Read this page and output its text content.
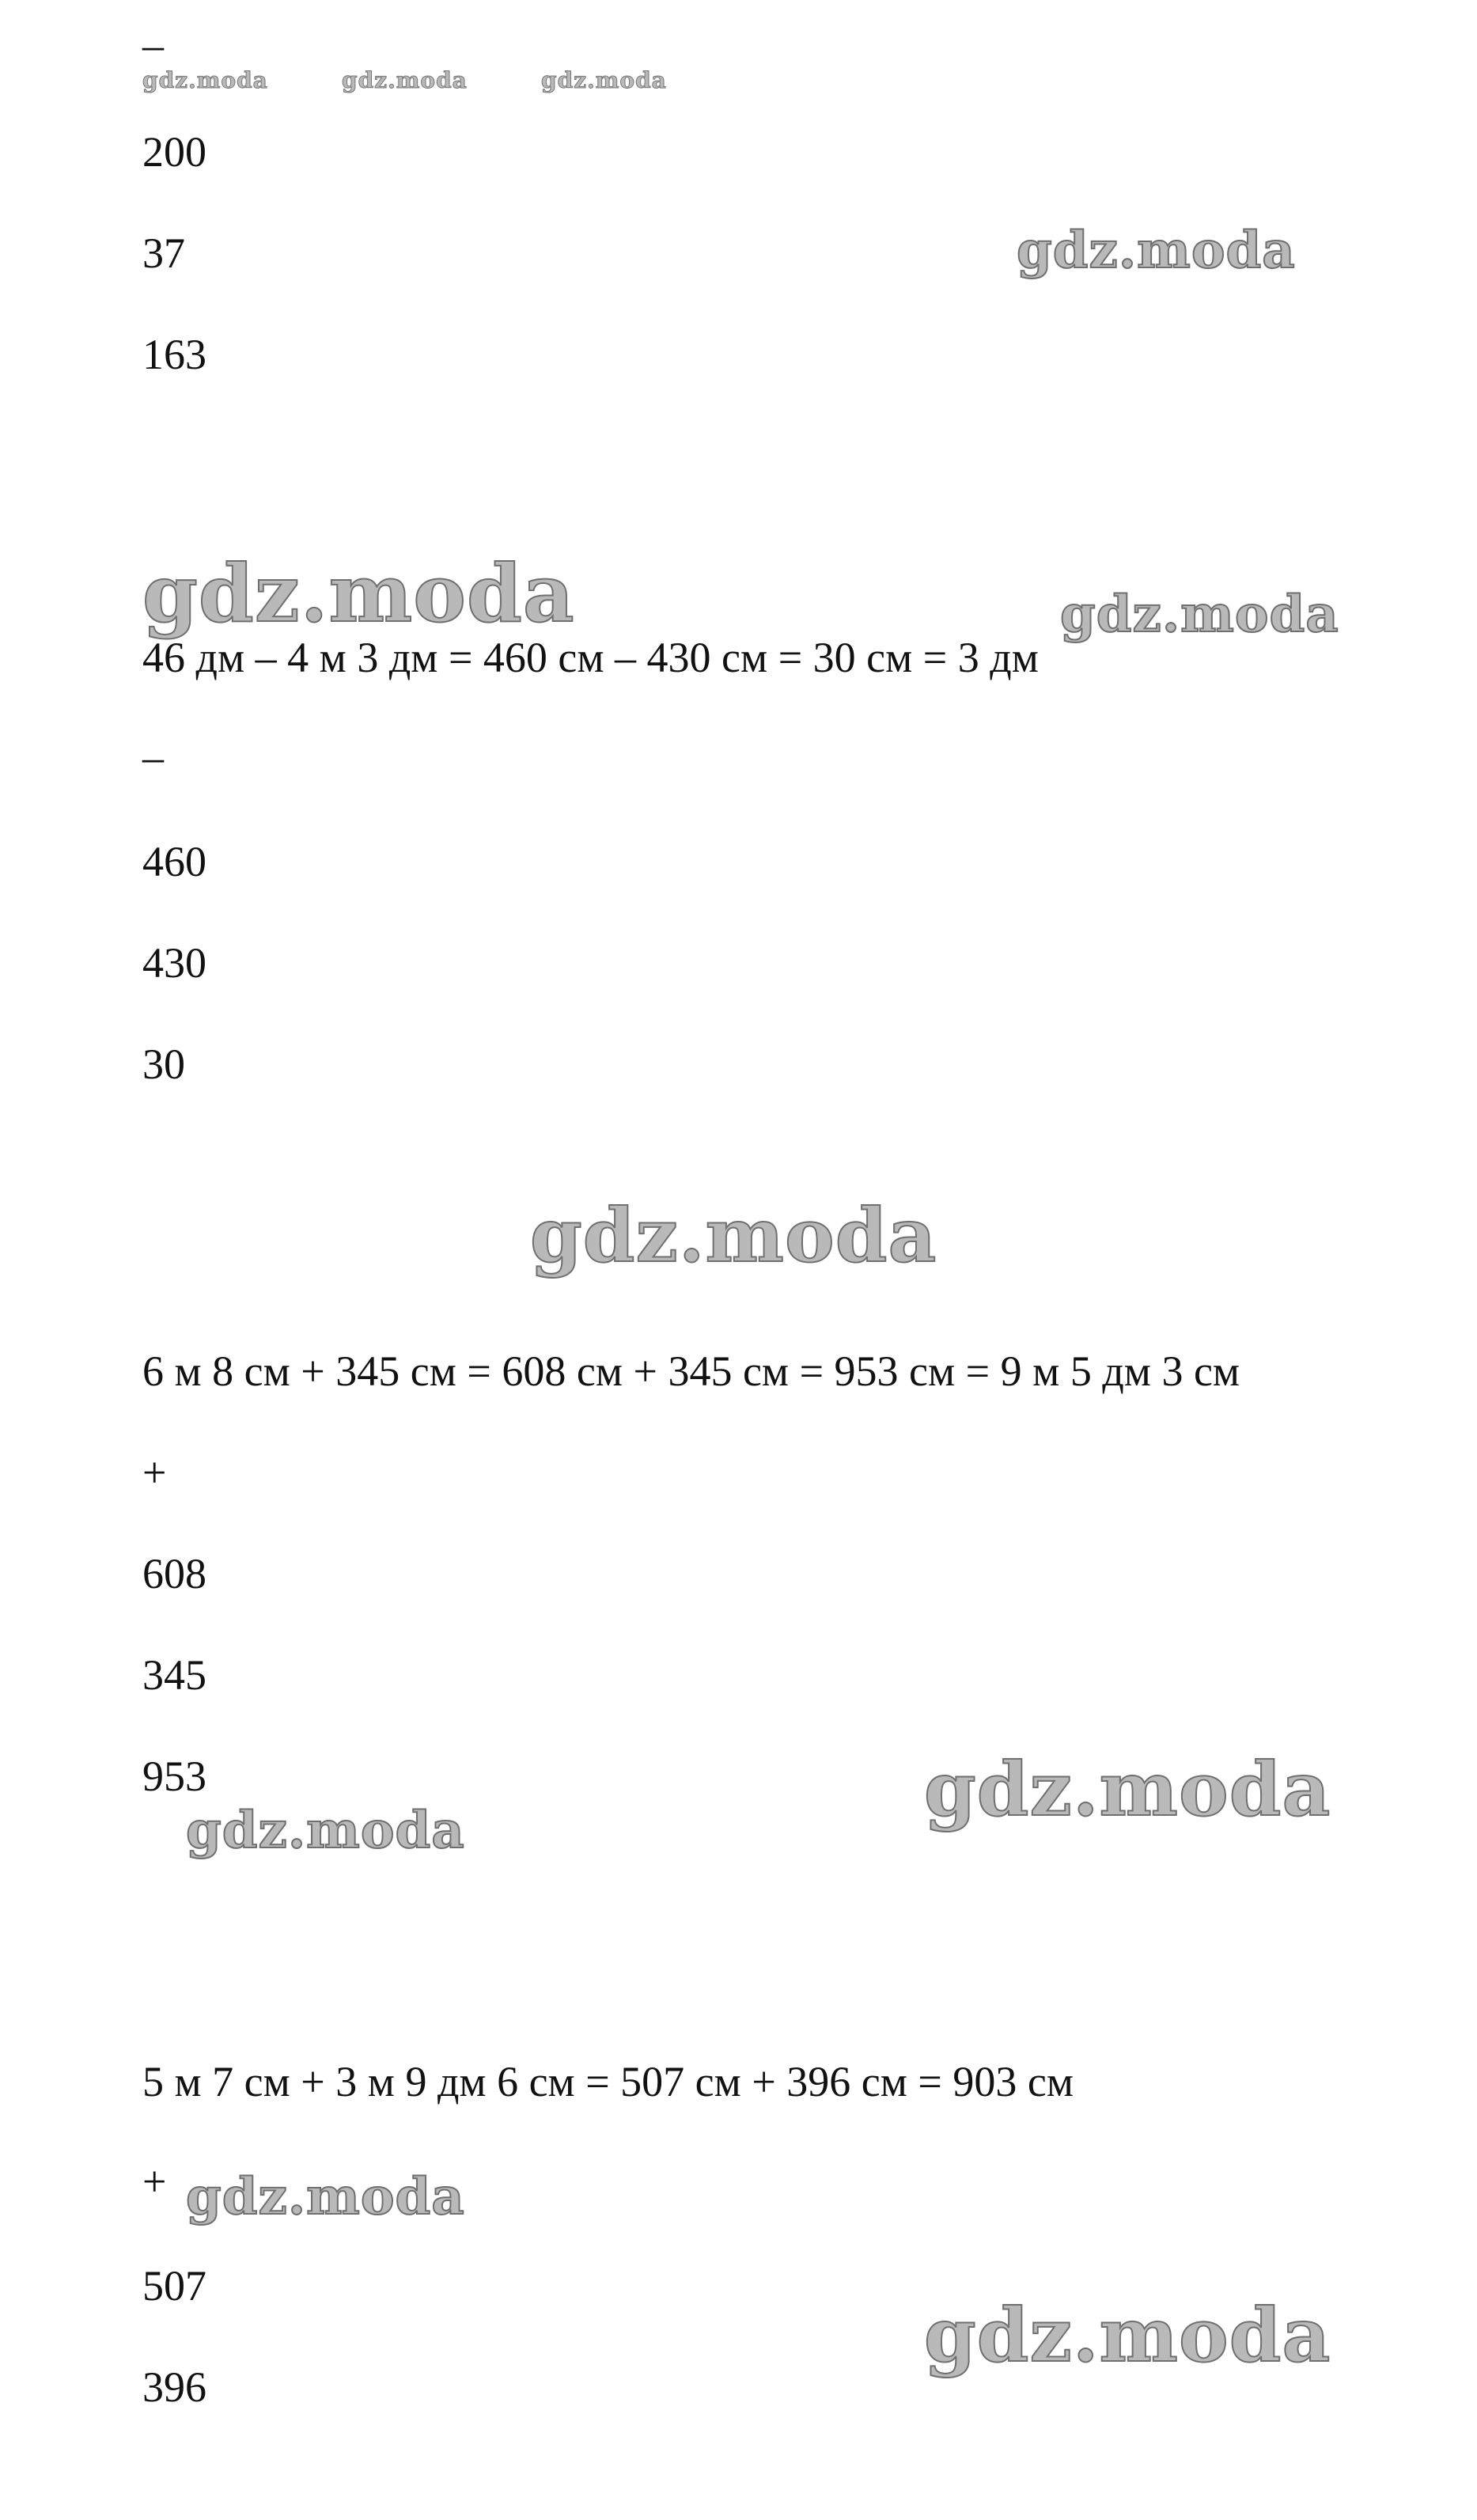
–
200
37
163
46 дм – 4 м 3 дм = 460 см – 430 см = 30 см = 3 дм
–
460
430
30
6 м 8 см + 345 см = 608 см + 345 см = 953 см = 9 м 5 дм 3 см
+
608
345
953
5 м 7 см + 3 м 9 дм 6 см = 507 см + 396 см = 903 см
+
507
396
gdz.moda	gdz.moda	gdz.moda
gdz.moda
gdz.moda	gdz.moda
gdz.moda
gdz.moda
gdz.moda
gdz.moda
gdz.moda
